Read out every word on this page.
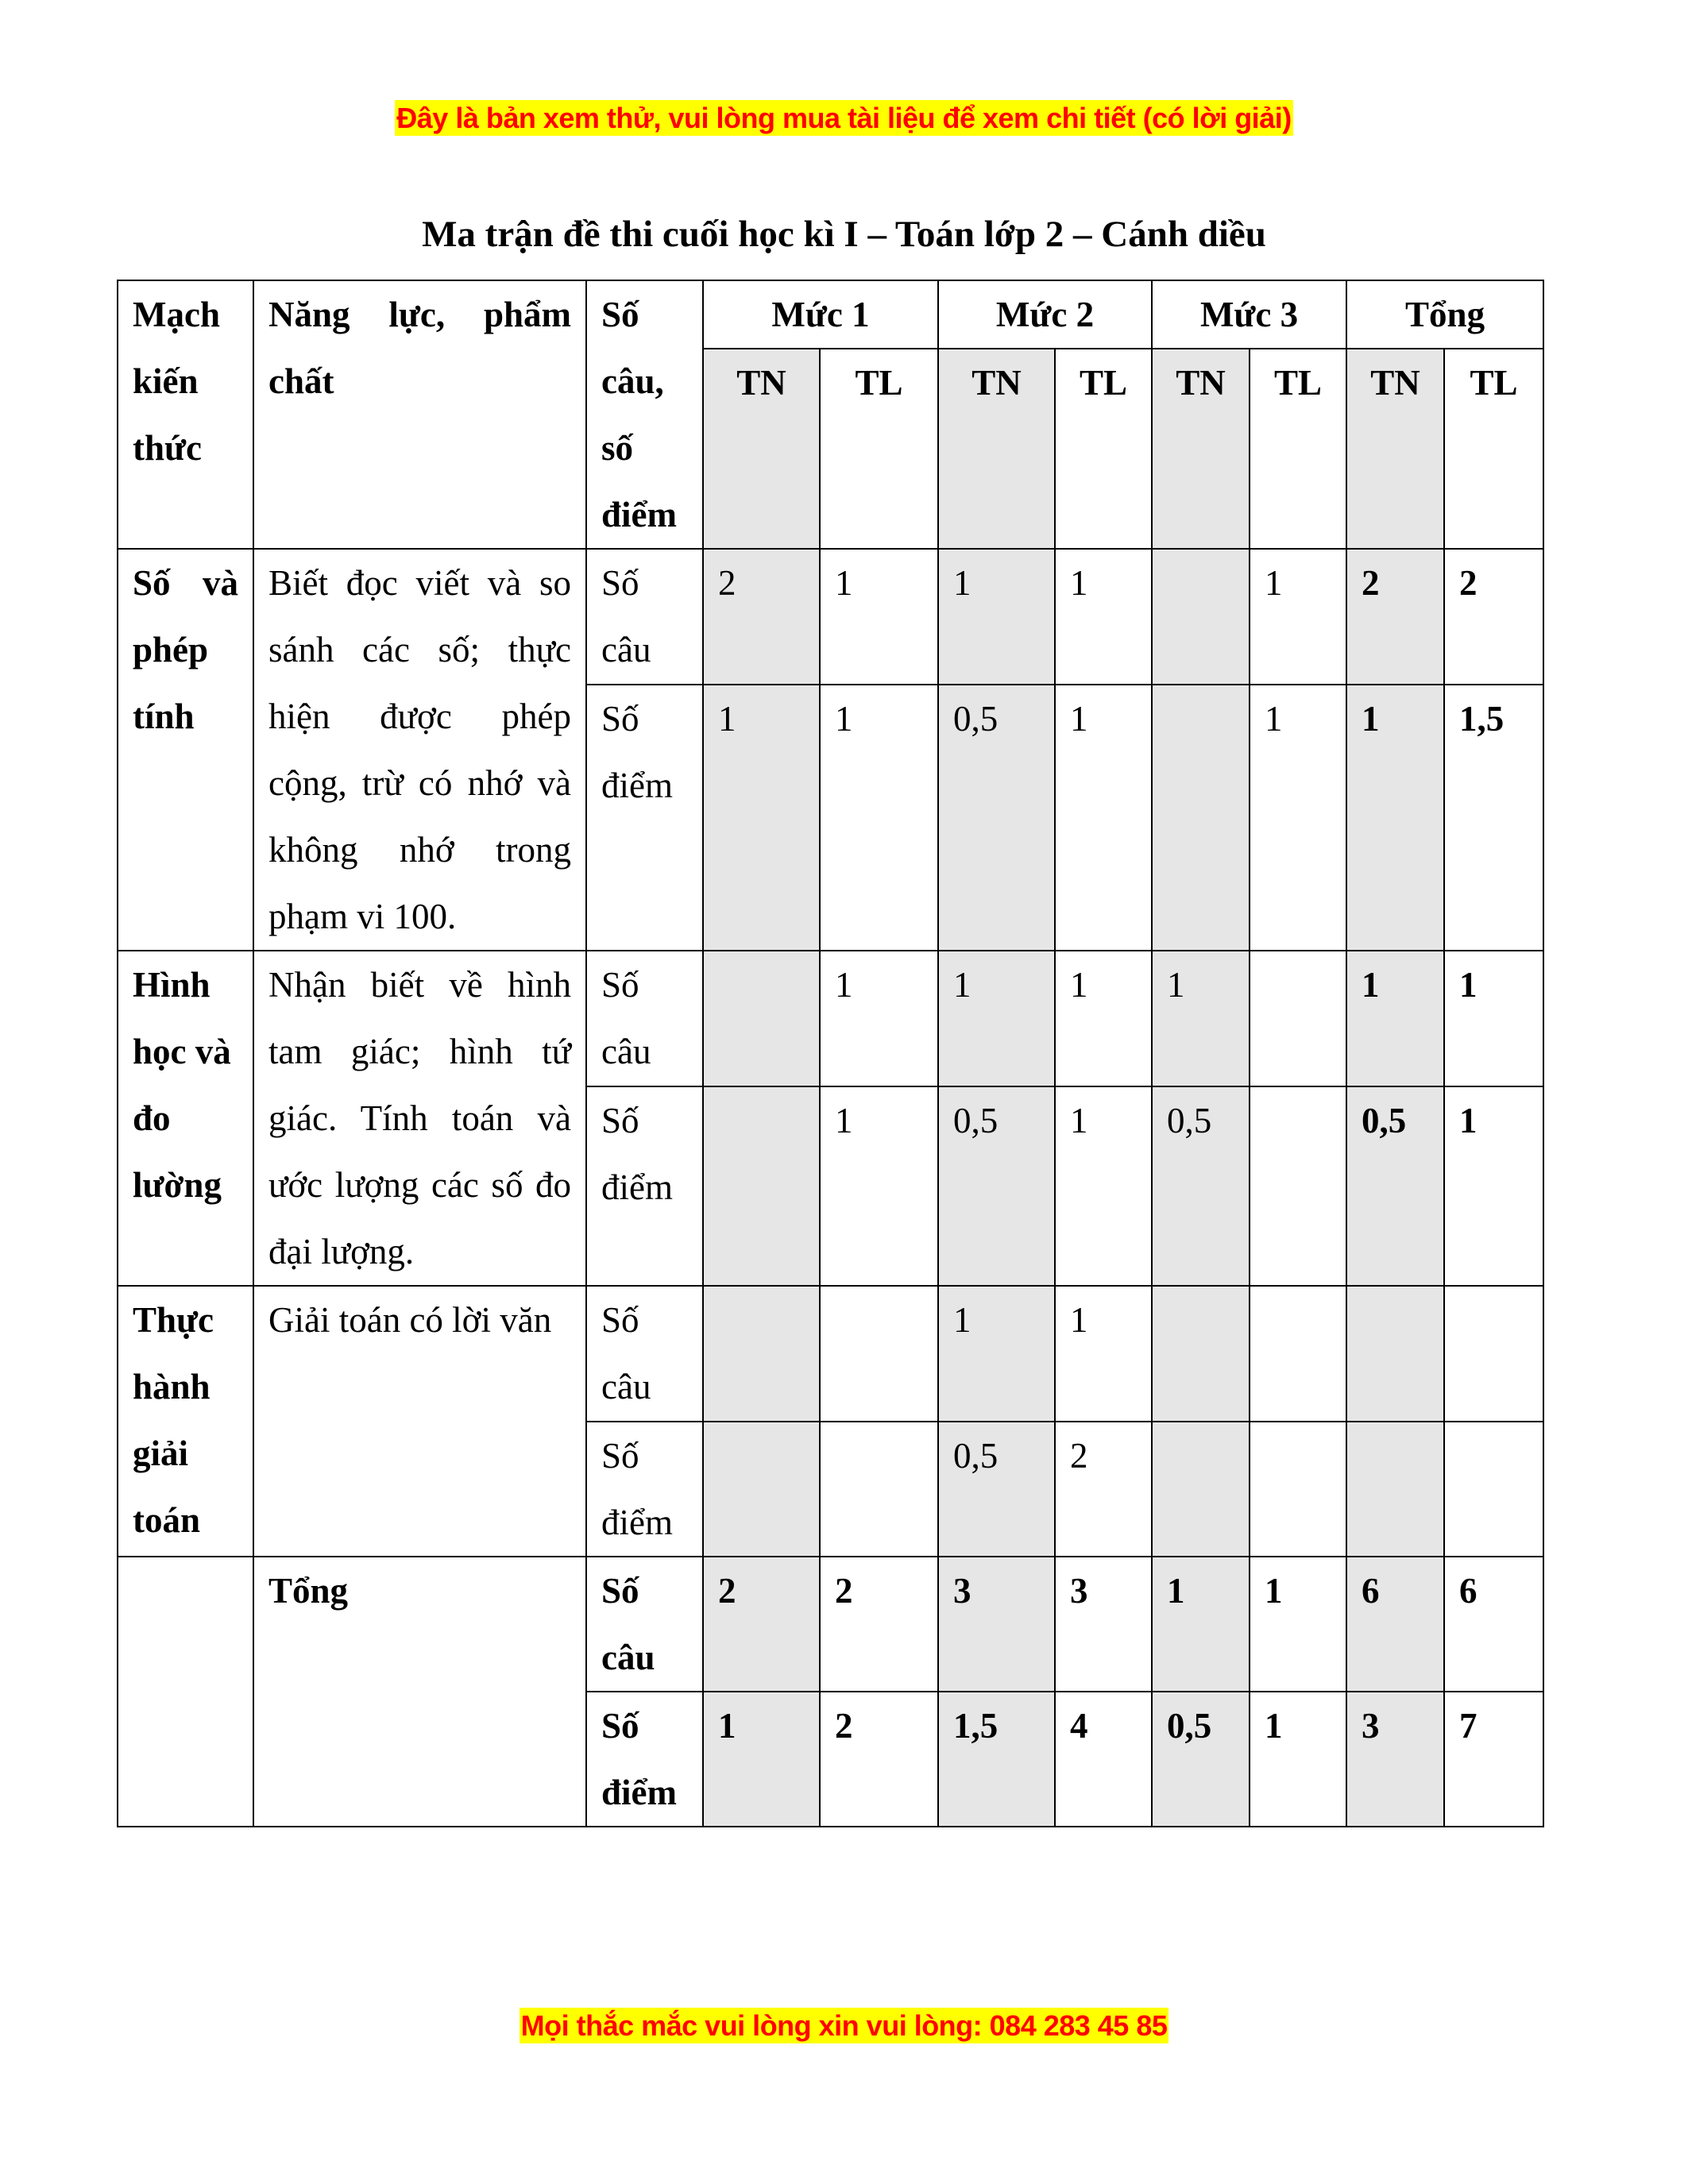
Đây là bản xem thử, vui lòng mua tài liệu để xem chi tiết (có lời giải)
Ma trận đề thi cuối học kì I – Toán lớp 2 – Cánh diều
Mạch kiến thức	Năng lực, phẩm chất	Số câu, số điểm	Mức 1		Mức 2		Mức 3		Tổng	
			TN	TL	TN	TL	TN	TL	TN	TL
Số và phép tính	Biết đọc viết và so sánh các số; thực hiện được phép cộng, trừ có nhớ và không nhớ trong phạm vi 100.	Số câu	2	1	1	1		1	2	2
		Số điểm	1	1	0,5	1		1	1	1,5
Hình học và đo lường	Nhận biết về hình tam giác; hình tứ giác. Tính toán và ước lượng các số đo đại lượng.	Số câu		1	1	1	1		1	1
		Số điểm		1	0,5	1	0,5		0,5	1
Thực hành giải toán	Giải toán có lời văn	Số câu			1	1				
		Số điểm			0,5	2				
	Tổng	Số câu	2	2	3	3	1	1	6	6
		Số điểm	1	2	1,5	4	0,5	1	3	7
Mọi thắc mắc vui lòng xin vui lòng: 084 283 45 85
